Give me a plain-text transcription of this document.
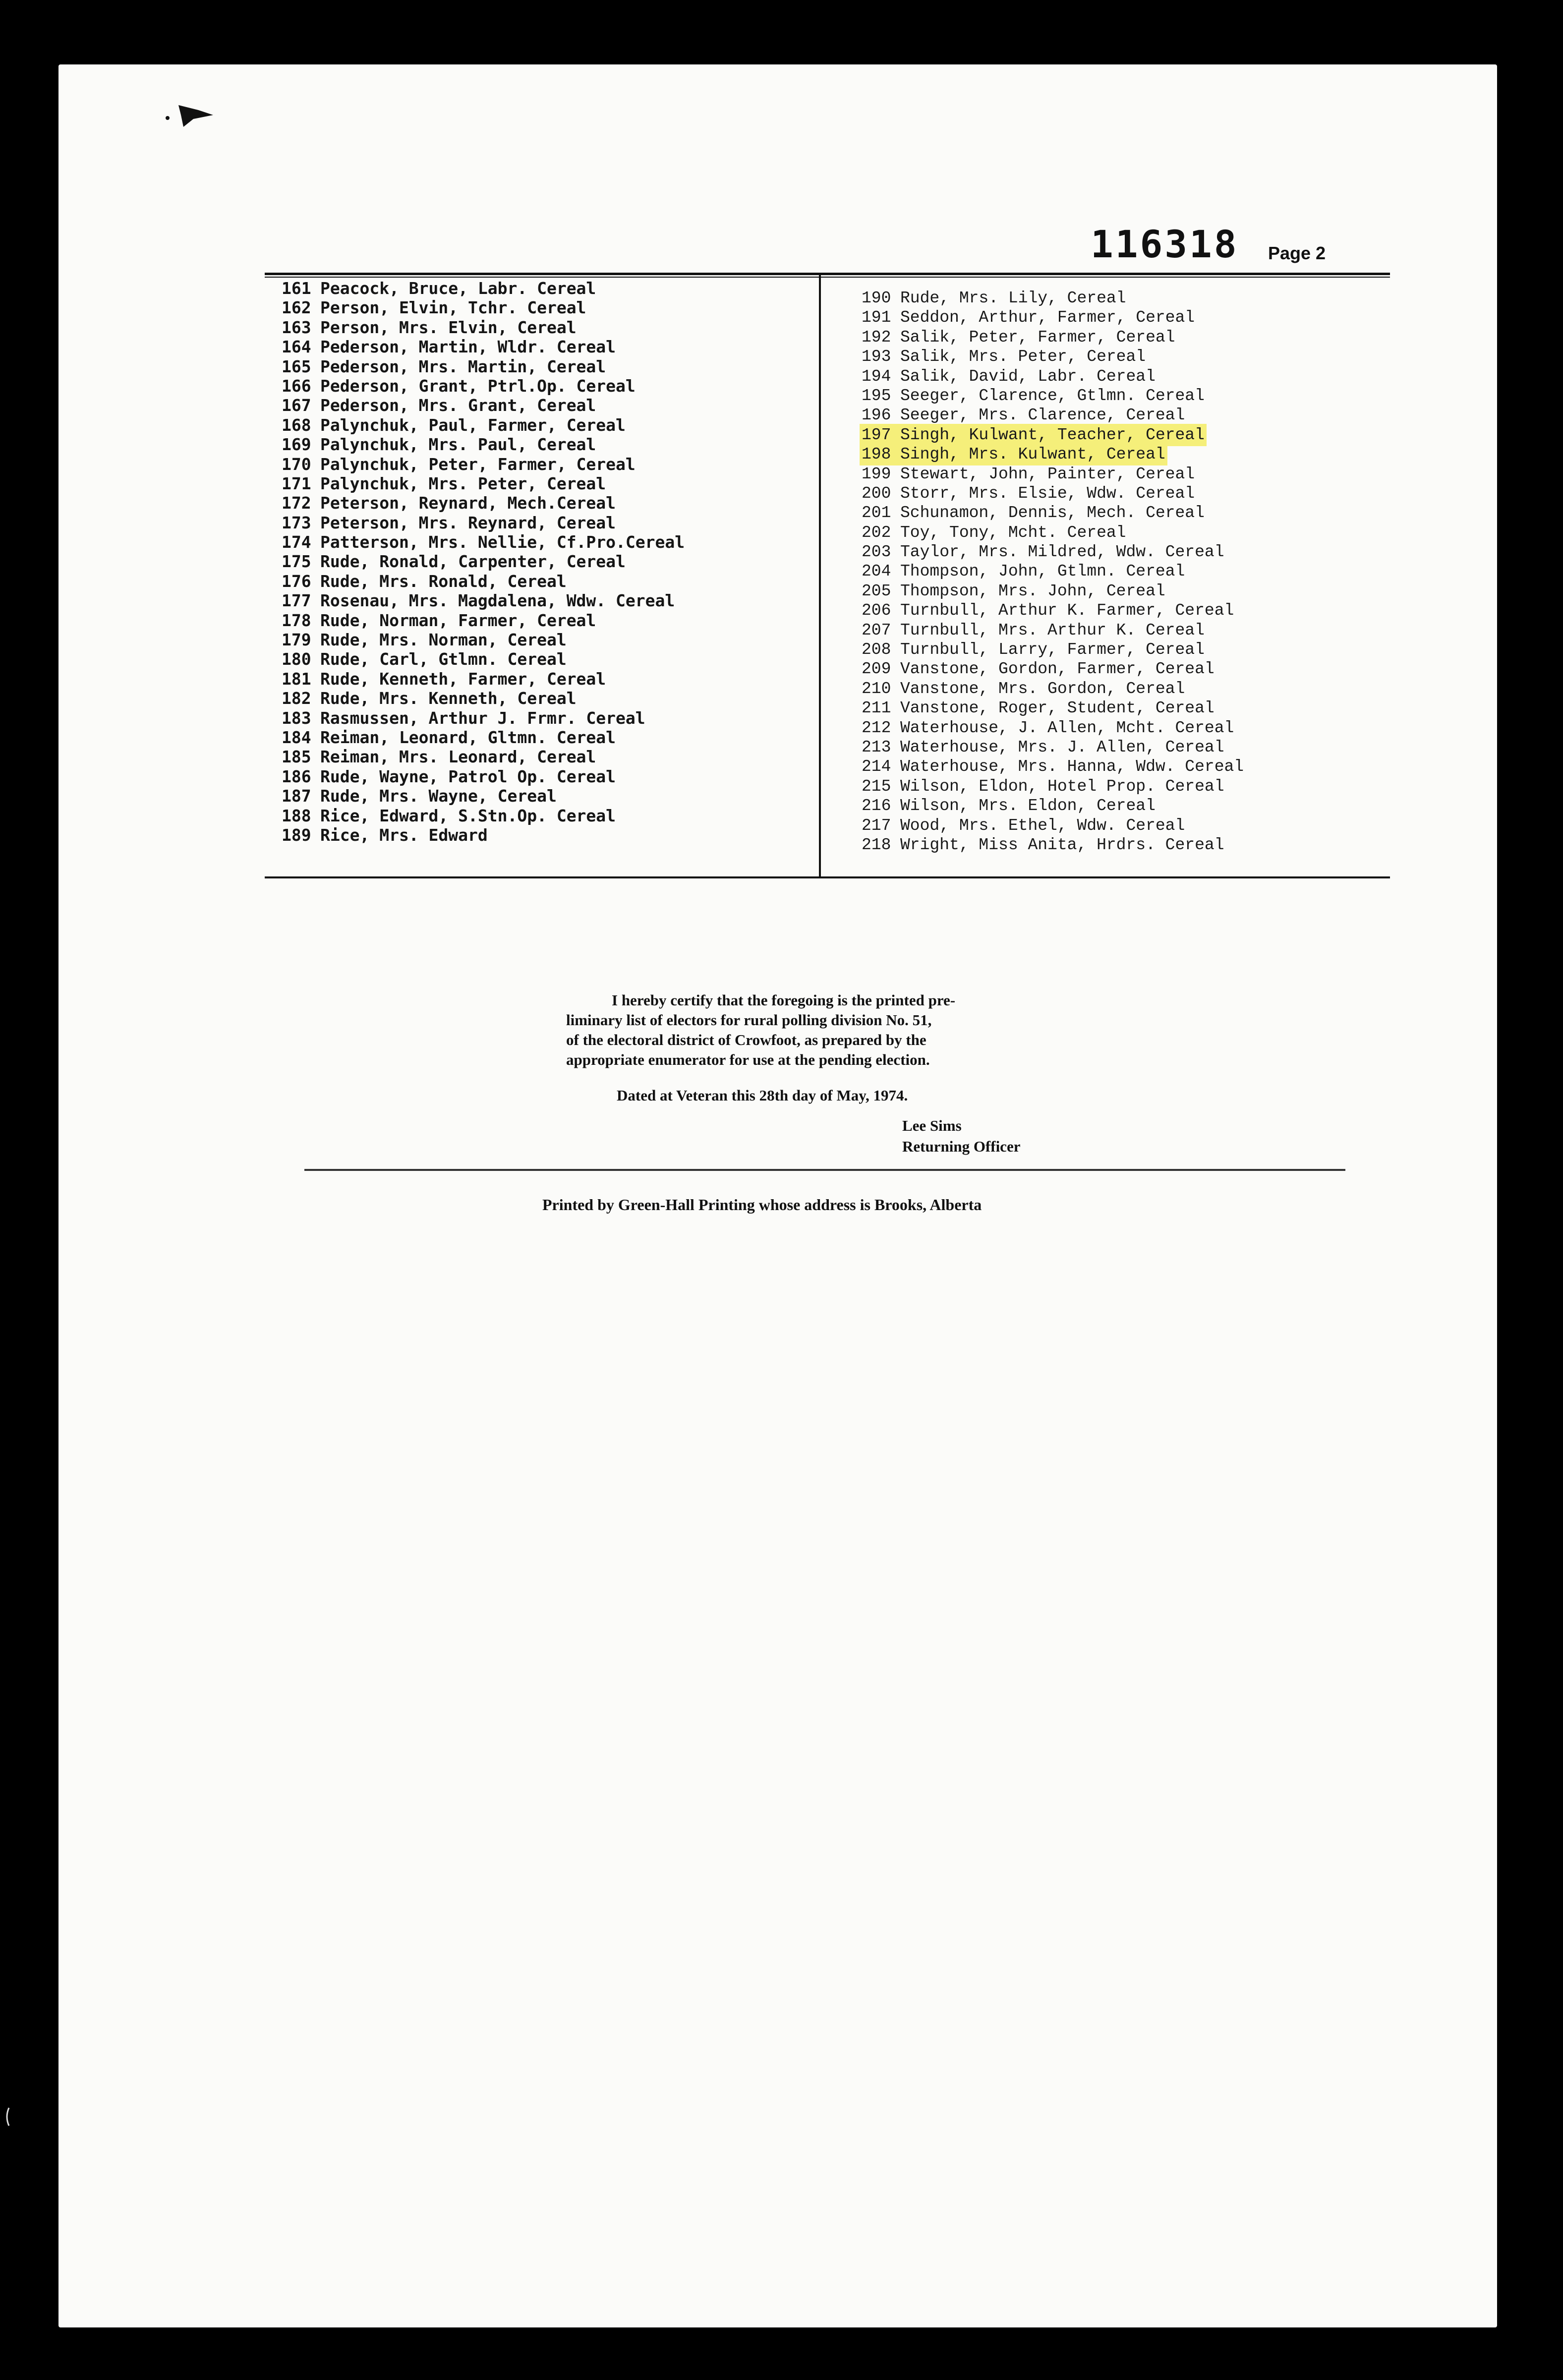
116318 Page 2
161 Peacock, Bruce, Labr. Cereal
162 Person, Elvin, Tchr. Cereal
163 Person, Mrs. Elvin, Cereal
164 Pederson, Martin, Wldr. Cereal
165 Pederson, Mrs. Martin, Cereal
166 Pederson, Grant, Ptrl.Op. Cereal
167 Pederson, Mrs. Grant, Cereal
168 Palynchuk, Paul, Farmer, Cereal
169 Palynchuk, Mrs. Paul, Cereal
170 Palynchuk, Peter, Farmer, Cereal
171 Palynchuk, Mrs. Peter, Cereal
172 Peterson, Reynard, Mech.Cereal
173 Peterson, Mrs. Reynard, Cereal
174 Patterson, Mrs. Nellie, Cf.Pro.Cereal
175 Rude, Ronald, Carpenter, Cereal
176 Rude, Mrs. Ronald, Cereal
177 Rosenau, Mrs. Magdalena, Wdw. Cereal
178 Rude, Norman, Farmer, Cereal
179 Rude, Mrs. Norman, Cereal
180 Rude, Carl, Gtlmn. Cereal
181 Rude, Kenneth, Farmer, Cereal
182 Rude, Mrs. Kenneth, Cereal
183 Rasmussen, Arthur J. Frmr. Cereal
184 Reiman, Leonard, Gltmn. Cereal
185 Reiman, Mrs. Leonard, Cereal
186 Rude, Wayne, Patrol Op. Cereal
187 Rude, Mrs. Wayne, Cereal
188 Rice, Edward, S.Stn.Op. Cereal
189 Rice, Mrs. Edward
190 Rude, Mrs. Lily, Cereal
191 Seddon, Arthur, Farmer, Cereal
192 Salik, Peter, Farmer, Cereal
193 Salik, Mrs. Peter, Cereal
194 Salik, David, Labr. Cereal
195 Seeger, Clarence, Gtlmn. Cereal
196 Seeger, Mrs. Clarence, Cereal
197 Singh, Kulwant, Teacher, Cereal
198 Singh, Mrs. Kulwant, Cereal
199 Stewart, John, Painter, Cereal
200 Storr, Mrs. Elsie, Wdw. Cereal
201 Schunamon, Dennis, Mech. Cereal
202 Toy, Tony, Mcht. Cereal
203 Taylor, Mrs. Mildred, Wdw. Cereal
204 Thompson, John, Gtlmn. Cereal
205 Thompson, Mrs. John, Cereal
206 Turnbull, Arthur K. Farmer, Cereal
207 Turnbull, Mrs. Arthur K. Cereal
208 Turnbull, Larry, Farmer, Cereal
209 Vanstone, Gordon, Farmer, Cereal
210 Vanstone, Mrs. Gordon, Cereal
211 Vanstone, Roger, Student, Cereal
212 Waterhouse, J. Allen, Mcht. Cereal
213 Waterhouse, Mrs. J. Allen, Cereal
214 Waterhouse, Mrs. Hanna, Wdw. Cereal
215 Wilson, Eldon, Hotel Prop. Cereal
216 Wilson, Mrs. Eldon, Cereal
217 Wood, Mrs. Ethel, Wdw. Cereal
218 Wright, Miss Anita, Hrdrs. Cereal

I hereby certify that the foregoing is the printed pre-

liminary list of electors for rural polling division No. 51,

of the electoral district of Crowfoot, as prepared by the

appropriate enumerator for use at the pending election.

Dated at Veteran this 28th day of May, 1974.
Lee Sims
Returning Officer
Printed by Green-Hall Printing whose address is Brooks, Alberta
